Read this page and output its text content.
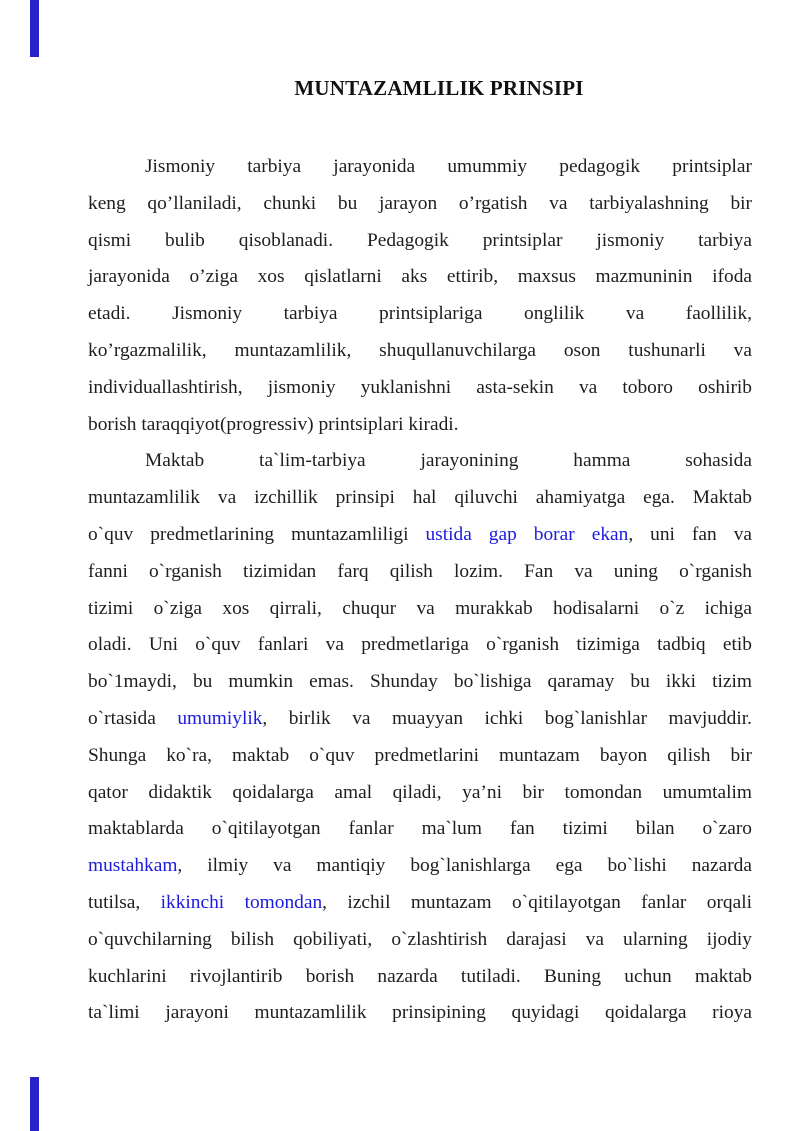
MUNTAZAMLILIK PRINSIPI
Jismoniy tarbiya jarayonida umummiy pedagogik printsiplar
keng qo’llaniladi, chunki bu jarayon o’rgatish va tarbiyalashning bir
qismi bulib qisoblanadi. Pedagogik printsiplar jismoniy tarbiya
jarayonida o’ziga xos qislatlarni aks ettirib, maxsus mazmuninin ifoda
etadi. Jismoniy tarbiya printsiplariga onglilik va faollilik,
ko’rgazmalilik, muntazamlilik, shuqullanuvchilarga oson tushunarli va
individuallashtirish, jismoniy yuklanishni asta-sekin va toboro oshirib
borish taraqqiyot(progressiv) printsiplari kiradi.
Maktab ta`lim-tarbiya jarayonining hamma sohasida
muntazamlilik va izchillik prinsipi hal qiluvchi ahamiyatga ega. Maktab
o`quv predmetlarining muntazamliligi ustida gap borar ekan, uni fan va
fanni o`rganish tizimidan farq qilish lozim. Fan va uning o`rganish
tizimi o`ziga xos qirrali, chuqur va murakkab hodisalarni o`z ichiga
oladi. Uni o`quv fanlari va predmetlariga o`rganish tizimiga tadbiq etib
bo`1maydi, bu mumkin emas. Shunday bo`lishiga qaramay bu ikki tizim
o`rtasida umumiylik, birlik va muayyan ichki bog`lanishlar mavjuddir.
Shunga ko`ra, maktab o`quv predmetlarini muntazam bayon qilish bir
qator didaktik qoidalarga amal qiladi, ya’ni bir tomondan umumtalim
maktablarda o`qitilayotgan fanlar ma`lum fan tizimi bilan o`zaro
mustahkam, ilmiy va mantiqiy bog`lanishlarga ega bo`lishi nazarda
tutilsa, ikkinchi tomondan, izchil muntazam o`qitilayotgan fanlar orqali
o`quvchilarning bilish qobiliyati, o`zlashtirish darajasi va ularning ijodiy
kuchlarini rivojlantirib borish nazarda tutiladi. Buning uchun maktab
ta`limi jarayoni muntazamlilik prinsipining quyidagi qoidalarga rioya
